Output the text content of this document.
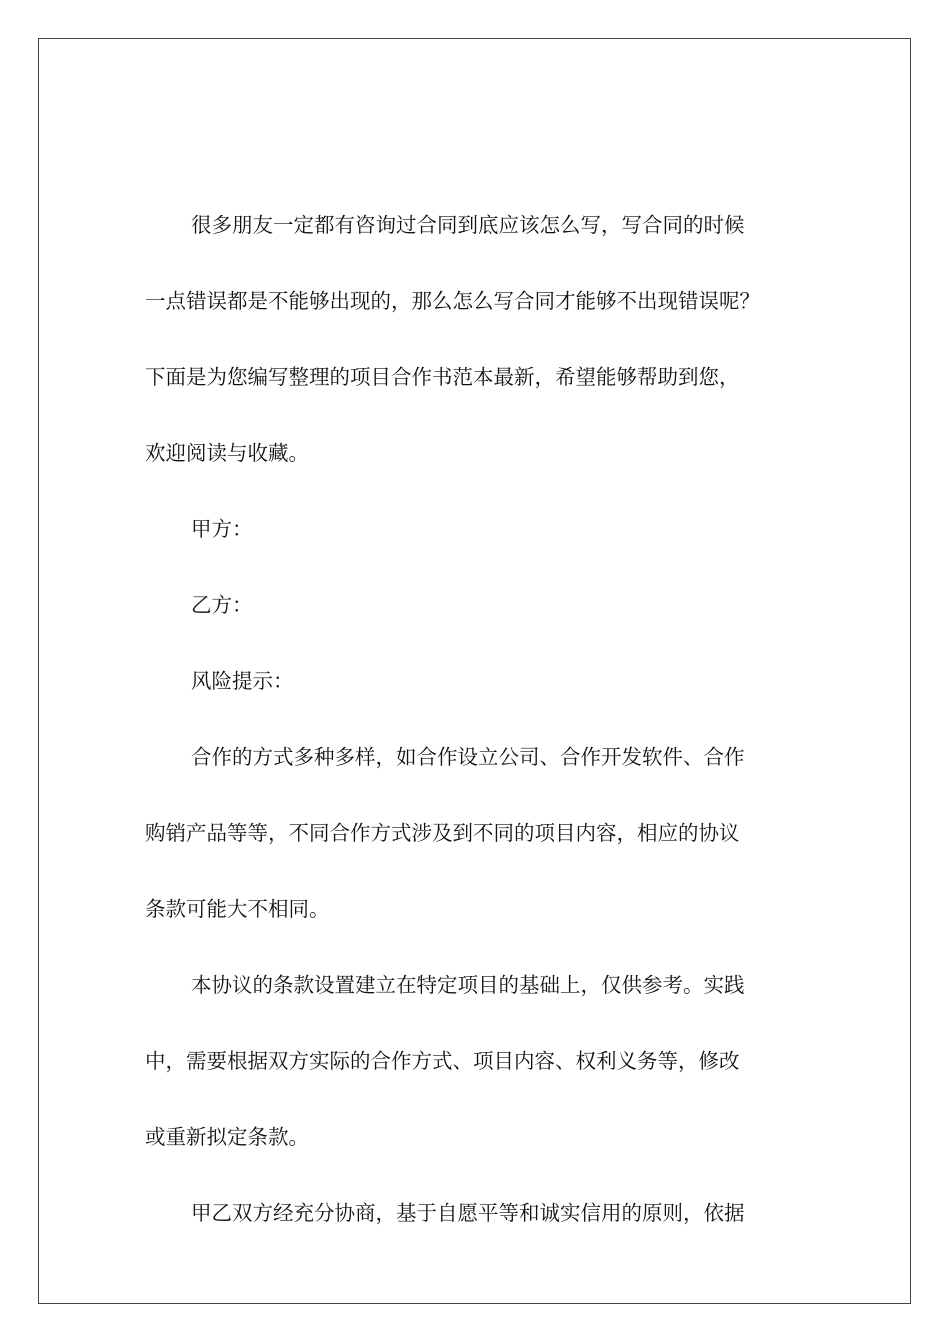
很多朋友一定都有咨询过合同到底应该怎么写，写合同的时候
一点错误都是不能够出现的，那么怎么写合同才能够不出现错误呢？
下面是为您编写整理的项目合作书范本最新，希望能够帮助到您，
欢迎阅读与收藏。
甲方：
乙方：
风险提示：
合作的方式多种多样，如合作设立公司、合作开发软件、合作
购销产品等等，不同合作方式涉及到不同的项目内容，相应的协议
条款可能大不相同。
本协议的条款设置建立在特定项目的基础上，仅供参考。实践
中，需要根据双方实际的合作方式、项目内容、权利义务等，修改
或重新拟定条款。
甲乙双方经充分协商，基于自愿平等和诚实信用的原则，依据
